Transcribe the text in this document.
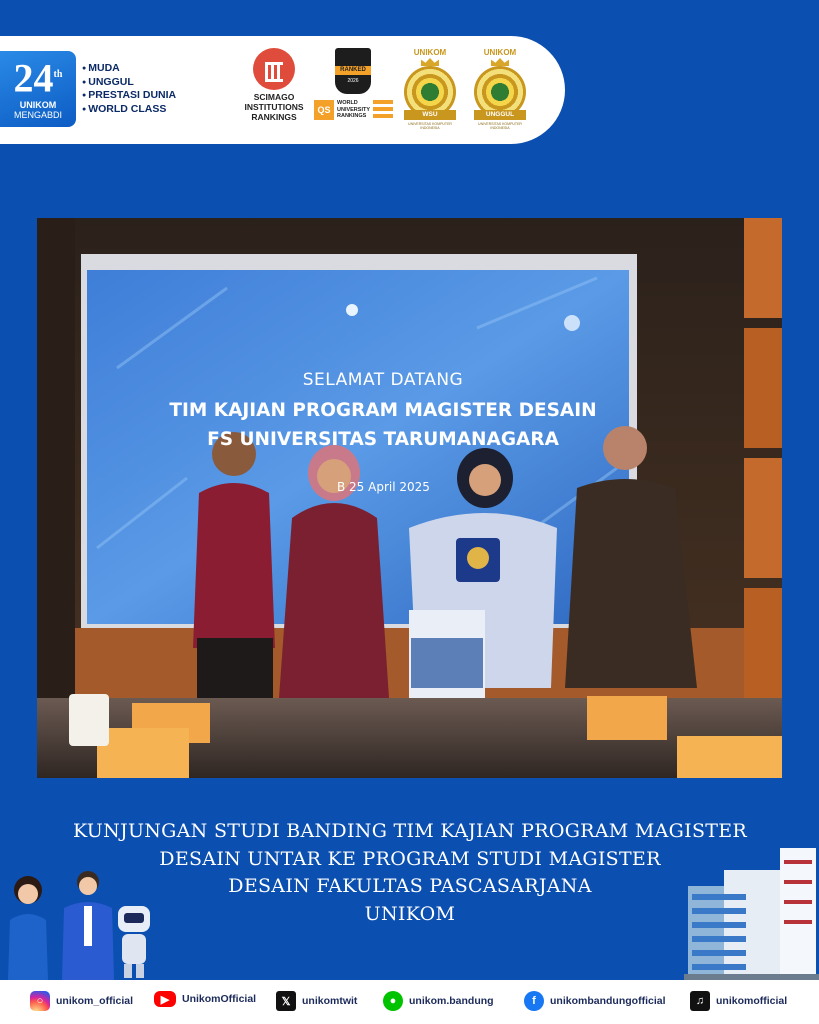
24th
UNIKOM
MENGABDI
● MUDA
● UNGGUL
● PRESTASI DUNIA
● WORLD CLASS
SCIMAGO
INSTITUTIONS
RANKINGS
RANKED
2026
QS
WORLD
UNIVERSITY
RANKINGS
UNIKOM
WSU
UNIVERSITAS KOMPUTER INDONESIA
UNIKOM
UNGGUL
UNIVERSITAS KOMPUTER INDONESIA
SELAMAT DATANG
TIM KAJIAN PROGRAM MAGISTER DESAIN
FS UNIVERSITAS TARUMANAGARA
B 25 April 2025
KUNJUNGAN STUDI BANDING TIM KAJIAN PROGRAM MAGISTER
DESAIN UNTAR KE PROGRAM STUDI MAGISTER
DESAIN FAKULTAS PASCASARJANA
UNIKOM
○	unikom_official	▶	UnikomOfficial	𝕏	unikomtwit	●	unikom.bandung	f	unikombandungofficial	♫	unikomofficial
